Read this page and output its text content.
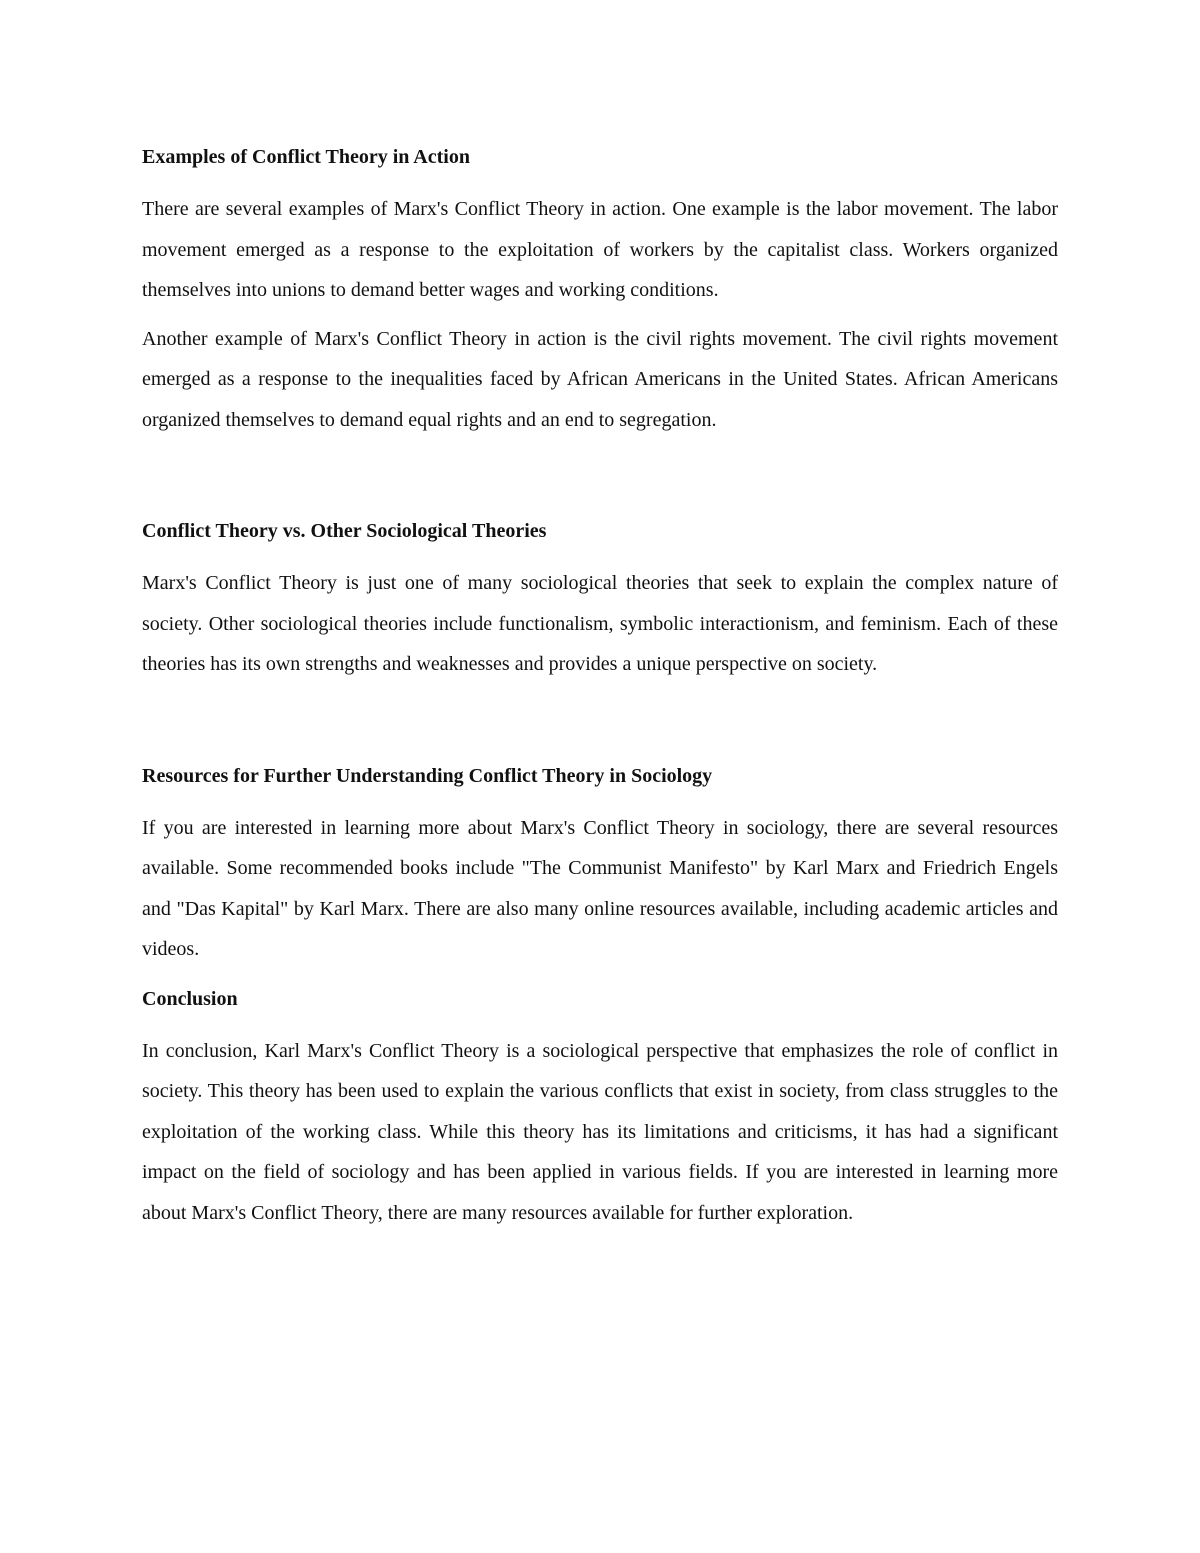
Examples of Conflict Theory in Action

There are several examples of Marx's Conflict Theory in action. One example is the labor movement. The labor movement emerged as a response to the exploitation of workers by the capitalist class. Workers organized themselves into unions to demand better wages and working conditions.

Another example of Marx's Conflict Theory in action is the civil rights movement. The civil rights movement emerged as a response to the inequalities faced by African Americans in the United States. African Americans organized themselves to demand equal rights and an end to segregation.

Conflict Theory vs. Other Sociological Theories

Marx's Conflict Theory is just one of many sociological theories that seek to explain the complex nature of society. Other sociological theories include functionalism, symbolic interactionism, and feminism. Each of these theories has its own strengths and weaknesses and provides a unique perspective on society.

Resources for Further Understanding Conflict Theory in Sociology

If you are interested in learning more about Marx's Conflict Theory in sociology, there are several resources available. Some recommended books include "The Communist Manifesto" by Karl Marx and Friedrich Engels and "Das Kapital" by Karl Marx. There are also many online resources available, including academic articles and videos.

Conclusion

In conclusion, Karl Marx's Conflict Theory is a sociological perspective that emphasizes the role of conflict in society. This theory has been used to explain the various conflicts that exist in society, from class struggles to the exploitation of the working class. While this theory has its limitations and criticisms, it has had a significant impact on the field of sociology and has been applied in various fields. If you are interested in learning more about Marx's Conflict Theory, there are many resources available for further exploration.
